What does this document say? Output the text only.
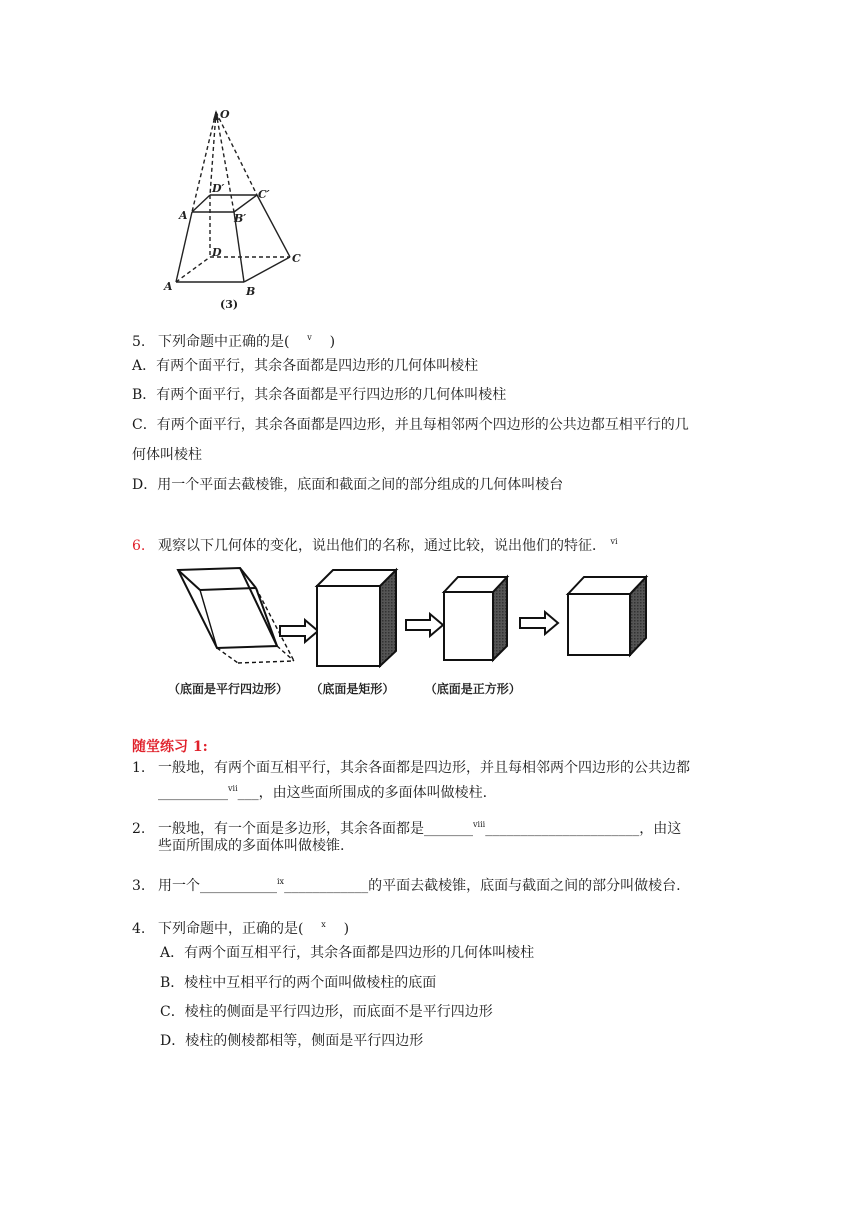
O
D′	C′
A	B′
D	C
A	B
(3)
5. 下列命题中正确的是( $^v$ )
A．有两个面平行，其余各面都是四边形的几何体叫棱柱
B．有两个面平行，其余各面都是平行四边形的几何体叫棱柱
C．有两个面平行，其余各面都是四边形，并且每相邻两个四边形的公共边都互相平行的几
何体叫棱柱
D．用一个平面去截棱锥，底面和截面之间的部分组成的几何体叫棱台
6. 观察以下几何体的变化，说出他们的名称，通过比较，说出他们的特征． $^{vi}$
（底面是平行四边形） （底面是矩形）	（底面是正方形）
随堂练习 1:
1. 一般地，有两个面互相平行，其余各面都是四边形，并且每相邻两个四边形的公共边都
__________$^{vii}$___，由这些面所围成的多面体叫做棱柱.
2. 一般地，有一个面是多边形，其余各面都是_______$^{viii}$______________________，由这
些面所围成的多面体叫做棱锥.
3. 用一个___________$^{ix}$____________的平面去截棱锥，底面与截面之间的部分叫做棱台.
4. 下列命题中，正确的是( $^x$ )
A．有两个面互相平行，其余各面都是四边形的几何体叫棱柱
B．棱柱中互相平行的两个面叫做棱柱的底面
C．棱柱的侧面是平行四边形，而底面不是平行四边形
D．棱柱的侧棱都相等，侧面是平行四边形
